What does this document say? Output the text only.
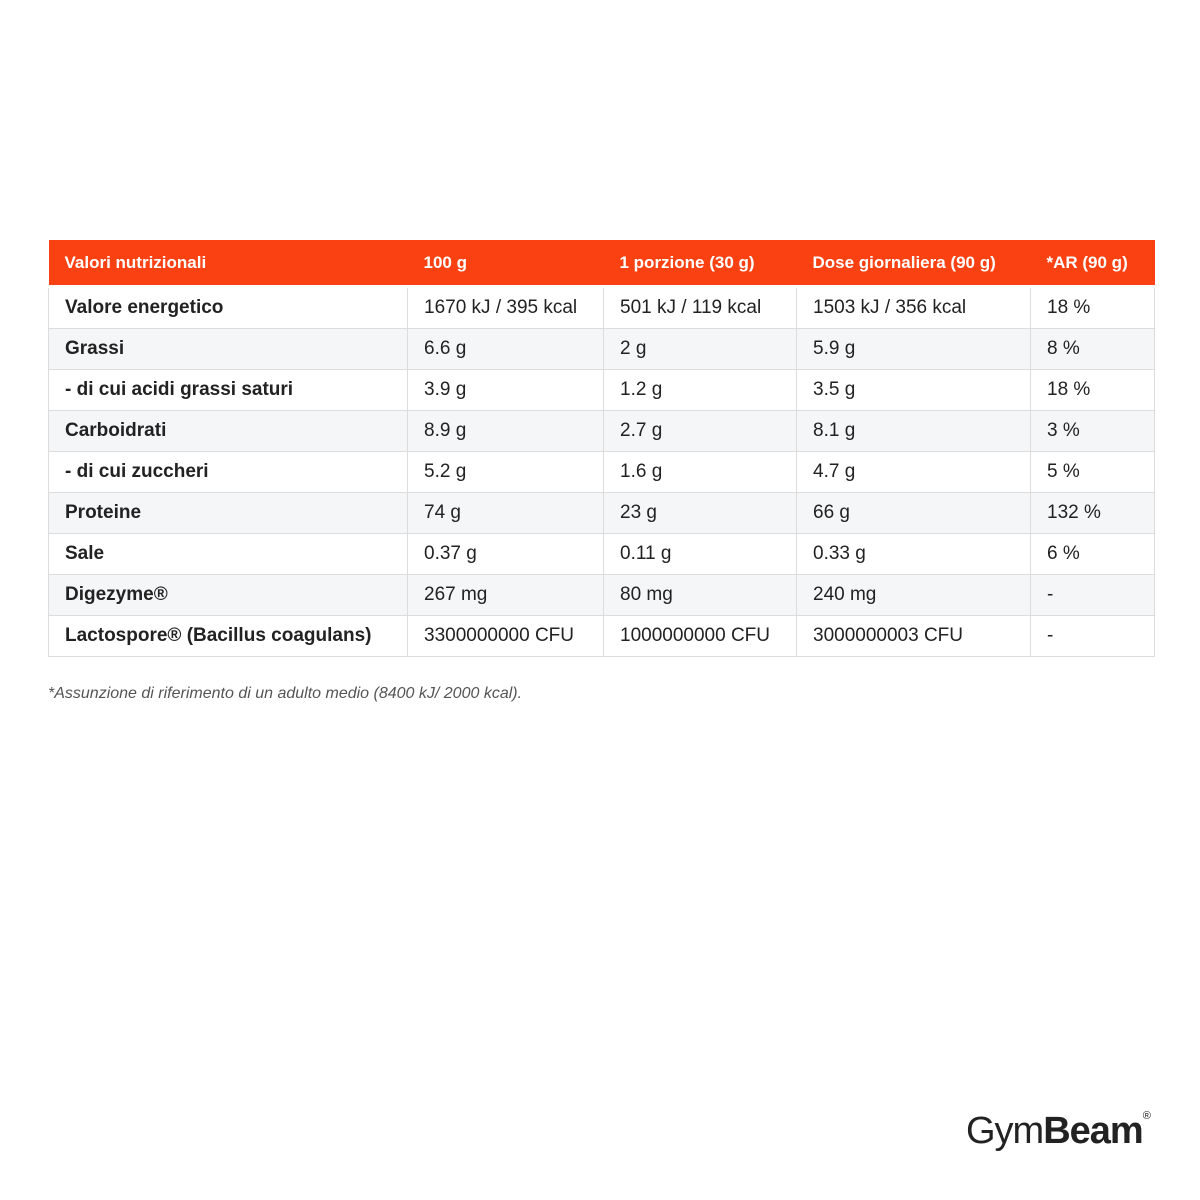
Valori nutrizionali	100 g	1 porzione (30 g)	Dose giornaliera (90 g)	*AR (90 g)
Valore energetico	1670 kJ / 395 kcal	501 kJ / 119 kcal	1503 kJ / 356 kcal	18 %
Grassi	6.6 g	2 g	5.9 g	8 %
- di cui acidi grassi saturi	3.9 g	1.2 g	3.5 g	18 %
Carboidrati	8.9 g	2.7 g	8.1 g	3 %
- di cui zuccheri	5.2 g	1.6 g	4.7 g	5 %
Proteine	74 g	23 g	66 g	132 %
Sale	0.37 g	0.11 g	0.33 g	6 %
Digezyme®	267 mg	80 mg	240 mg	-
Lactospore® (Bacillus coagulans)	3300000000 CFU	1000000000 CFU	3000000003 CFU	-
*Assunzione di riferimento di un adulto medio (8400 kJ/ 2000 kcal).
GymBeam®
